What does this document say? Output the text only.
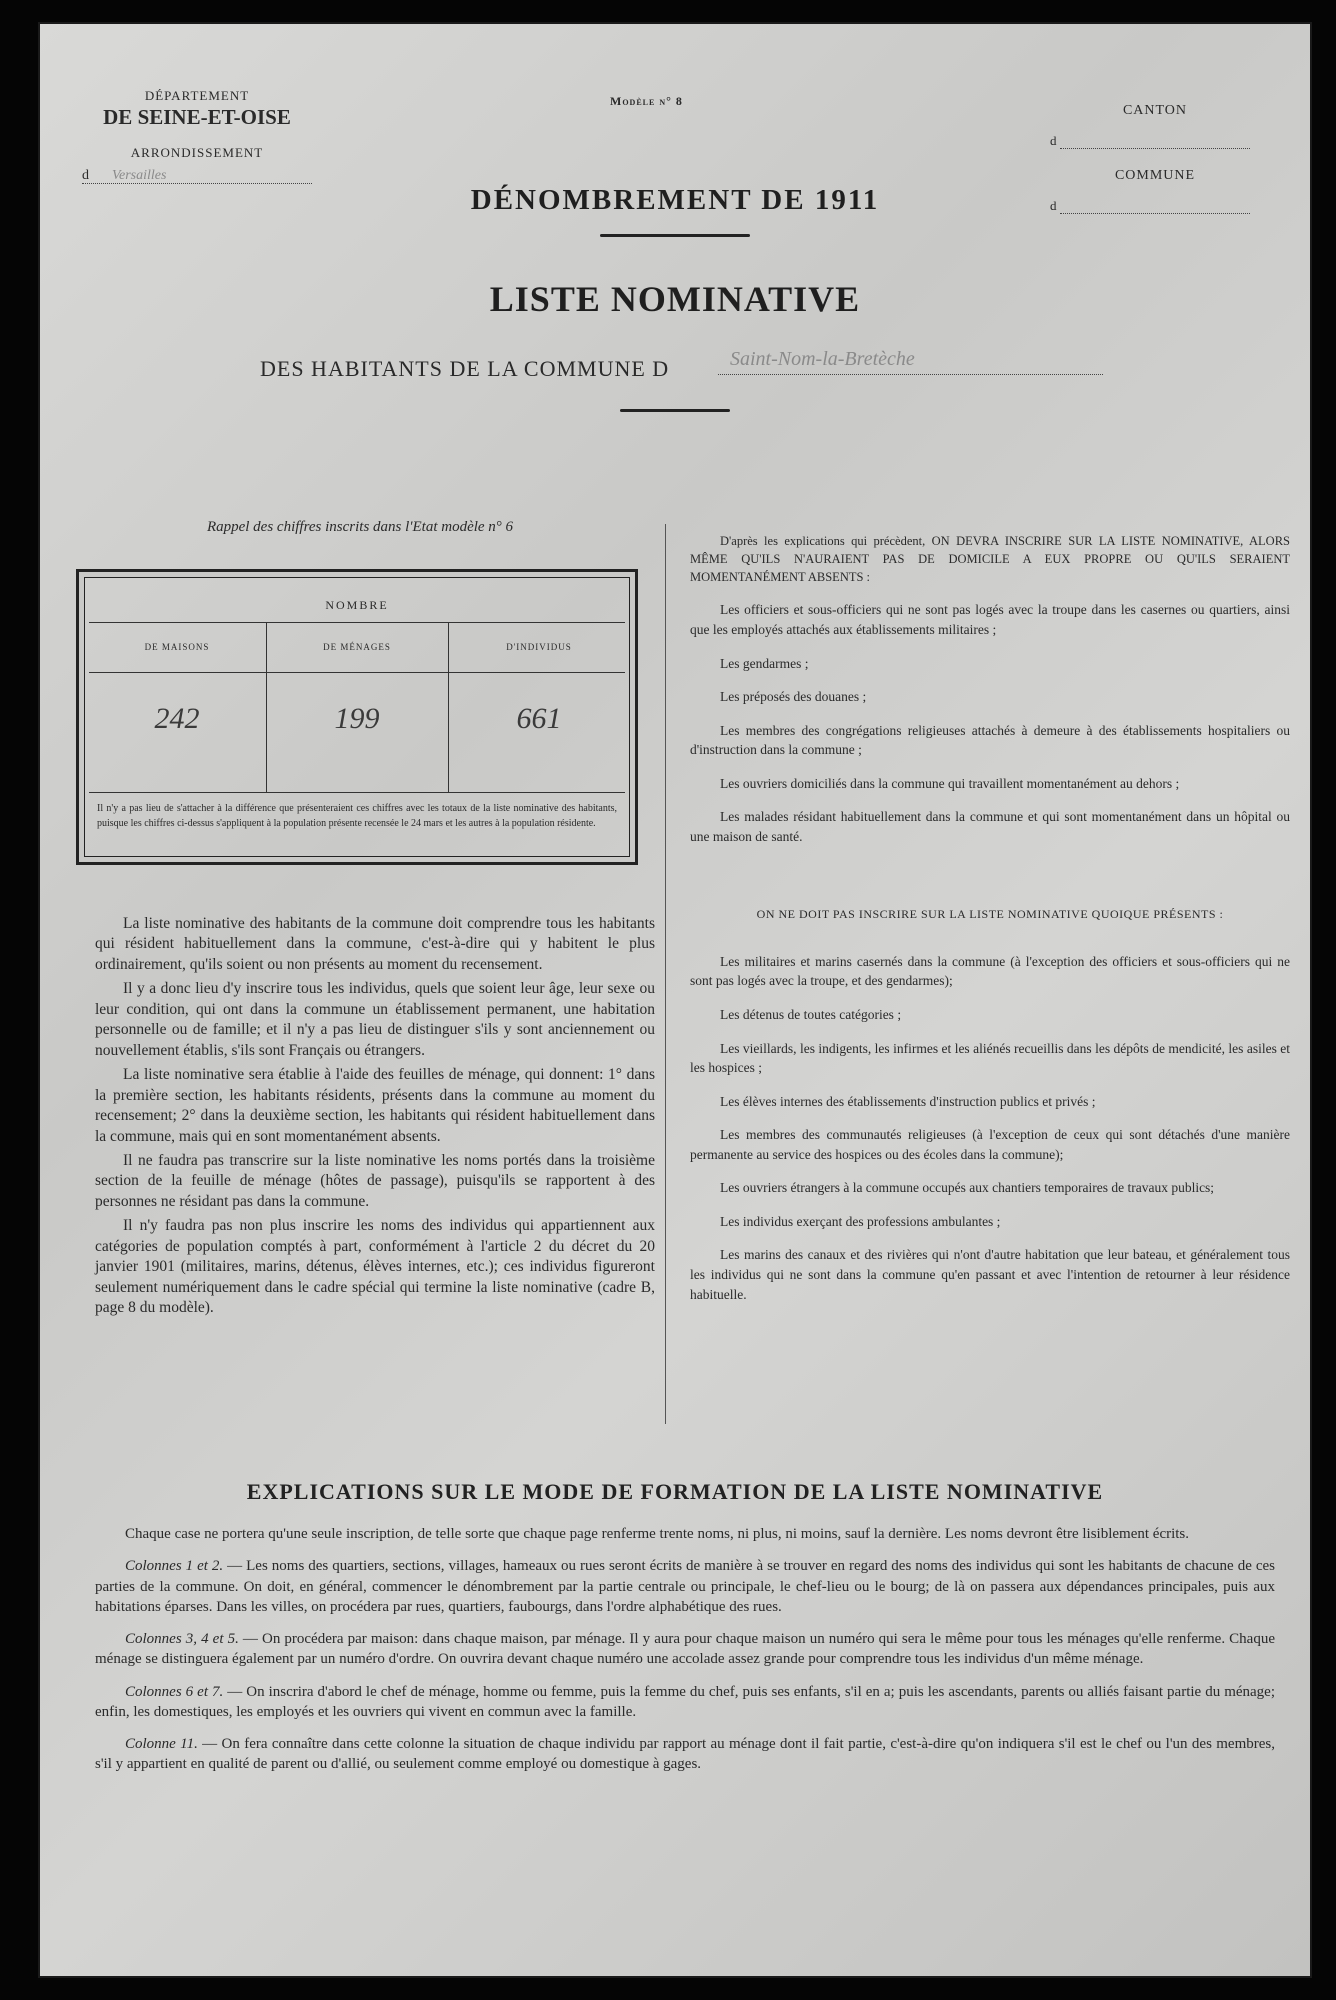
DÉPARTEMENT
DE SEINE-ET-OISE
ARRONDISSEMENT
d Versailles
Modèle n° 8
CANTON
d
COMMUNE
d
DÉNOMBREMENT DE 1911
LISTE NOMINATIVE
DES HABITANTS DE LA COMMUNE D	Saint-Nom-la-Bretèche
Rappel des chiffres inscrits dans l'Etat modèle n° 6
NOMBRE
DE MAISONS	DE MÉNAGES	D'INDIVIDUS
242	199	661
Il n'y a pas lieu de s'attacher à la différence que présenteraient ces chiffres avec les totaux de la liste nominative des habitants, puisque les chiffres ci-dessus s'appliquent à la population présente recensée le 24 mars et les autres à la population résidente.

La liste nominative des habitants de la commune doit comprendre tous les habitants qui résident habituellement dans la commune, c'est-à-dire qui y habitent le plus ordinairement, qu'ils soient ou non présents au moment du recensement.

Il y a donc lieu d'y inscrire tous les individus, quels que soient leur âge, leur sexe ou leur condition, qui ont dans la commune un établissement permanent, une habitation personnelle ou de famille; et il n'y a pas lieu de distinguer s'ils y sont anciennement ou nouvellement établis, s'ils sont Français ou étrangers.

La liste nominative sera établie à l'aide des feuilles de ménage, qui donnent: 1° dans la première section, les habitants résidents, présents dans la commune au moment du recensement; 2° dans la deuxième section, les habitants qui résident habituellement dans la commune, mais qui en sont momentanément absents.

Il ne faudra pas transcrire sur la liste nominative les noms portés dans la troisième section de la feuille de ménage (hôtes de passage), puisqu'ils se rapportent à des personnes ne résidant pas dans la commune.

Il n'y faudra pas non plus inscrire les noms des individus qui appartiennent aux catégories de population comptés à part, conformément à l'article 2 du décret du 20 janvier 1901 (militaires, marins, détenus, élèves internes, etc.); ces individus figureront seulement numériquement dans le cadre spécial qui termine la liste nominative (cadre B, page 8 du modèle).

D'après les explications qui précèdent, ON DEVRA INSCRIRE SUR LA LISTE NOMINATIVE, ALORS MÊME QU'ILS N'AURAIENT PAS DE DOMICILE A EUX PROPRE OU QU'ILS SERAIENT MOMENTANÉMENT ABSENTS :

Les officiers et sous-officiers qui ne sont pas logés avec la troupe dans les casernes ou quartiers, ainsi que les employés attachés aux établissements militaires ;

Les gendarmes ;

Les préposés des douanes ;

Les membres des congrégations religieuses attachés à demeure à des établissements hospitaliers ou d'instruction dans la commune ;

Les ouvriers domiciliés dans la commune qui travaillent momentanément au dehors ;

Les malades résidant habituellement dans la commune et qui sont momentanément dans un hôpital ou une maison de santé.

ON NE DOIT PAS INSCRIRE SUR LA LISTE NOMINATIVE QUOIQUE PRÉSENTS :

Les militaires et marins casernés dans la commune (à l'exception des officiers et sous-officiers qui ne sont pas logés avec la troupe, et des gendarmes);

Les détenus de toutes catégories ;

Les vieillards, les indigents, les infirmes et les aliénés recueillis dans les dépôts de mendicité, les asiles et les hospices ;

Les élèves internes des établissements d'instruction publics et privés ;

Les membres des communautés religieuses (à l'exception de ceux qui sont détachés d'une manière permanente au service des hospices ou des écoles dans la commune);

Les ouvriers étrangers à la commune occupés aux chantiers temporaires de travaux publics;

Les individus exerçant des professions ambulantes ;

Les marins des canaux et des rivières qui n'ont d'autre habitation que leur bateau, et généralement tous les individus qui ne sont dans la commune qu'en passant et avec l'intention de retourner à leur résidence habituelle.

EXPLICATIONS SUR LE MODE DE FORMATION DE LA LISTE NOMINATIVE

Chaque case ne portera qu'une seule inscription, de telle sorte que chaque page renferme trente noms, ni plus, ni moins, sauf la dernière. Les noms devront être lisiblement écrits.

Colonnes 1 et 2. — Les noms des quartiers, sections, villages, hameaux ou rues seront écrits de manière à se trouver en regard des noms des individus qui sont les habitants de chacune de ces parties de la commune. On doit, en général, commencer le dénombrement par la partie centrale ou principale, le chef-lieu ou le bourg; de là on passera aux dépendances principales, puis aux habitations éparses. Dans les villes, on procédera par rues, quartiers, faubourgs, dans l'ordre alphabétique des rues.

Colonnes 3, 4 et 5. — On procédera par maison: dans chaque maison, par ménage. Il y aura pour chaque maison un numéro qui sera le même pour tous les ménages qu'elle renferme. Chaque ménage se distinguera également par un numéro d'ordre. On ouvrira devant chaque numéro une accolade assez grande pour comprendre tous les individus d'un même ménage.

Colonnes 6 et 7. — On inscrira d'abord le chef de ménage, homme ou femme, puis la femme du chef, puis ses enfants, s'il en a; puis les ascendants, parents ou alliés faisant partie du ménage; enfin, les domestiques, les employés et les ouvriers qui vivent en commun avec la famille.

Colonne 11. — On fera connaître dans cette colonne la situation de chaque individu par rapport au ménage dont il fait partie, c'est-à-dire qu'on indiquera s'il est le chef ou l'un des membres, s'il y appartient en qualité de parent ou d'allié, ou seulement comme employé ou domestique à gages.
